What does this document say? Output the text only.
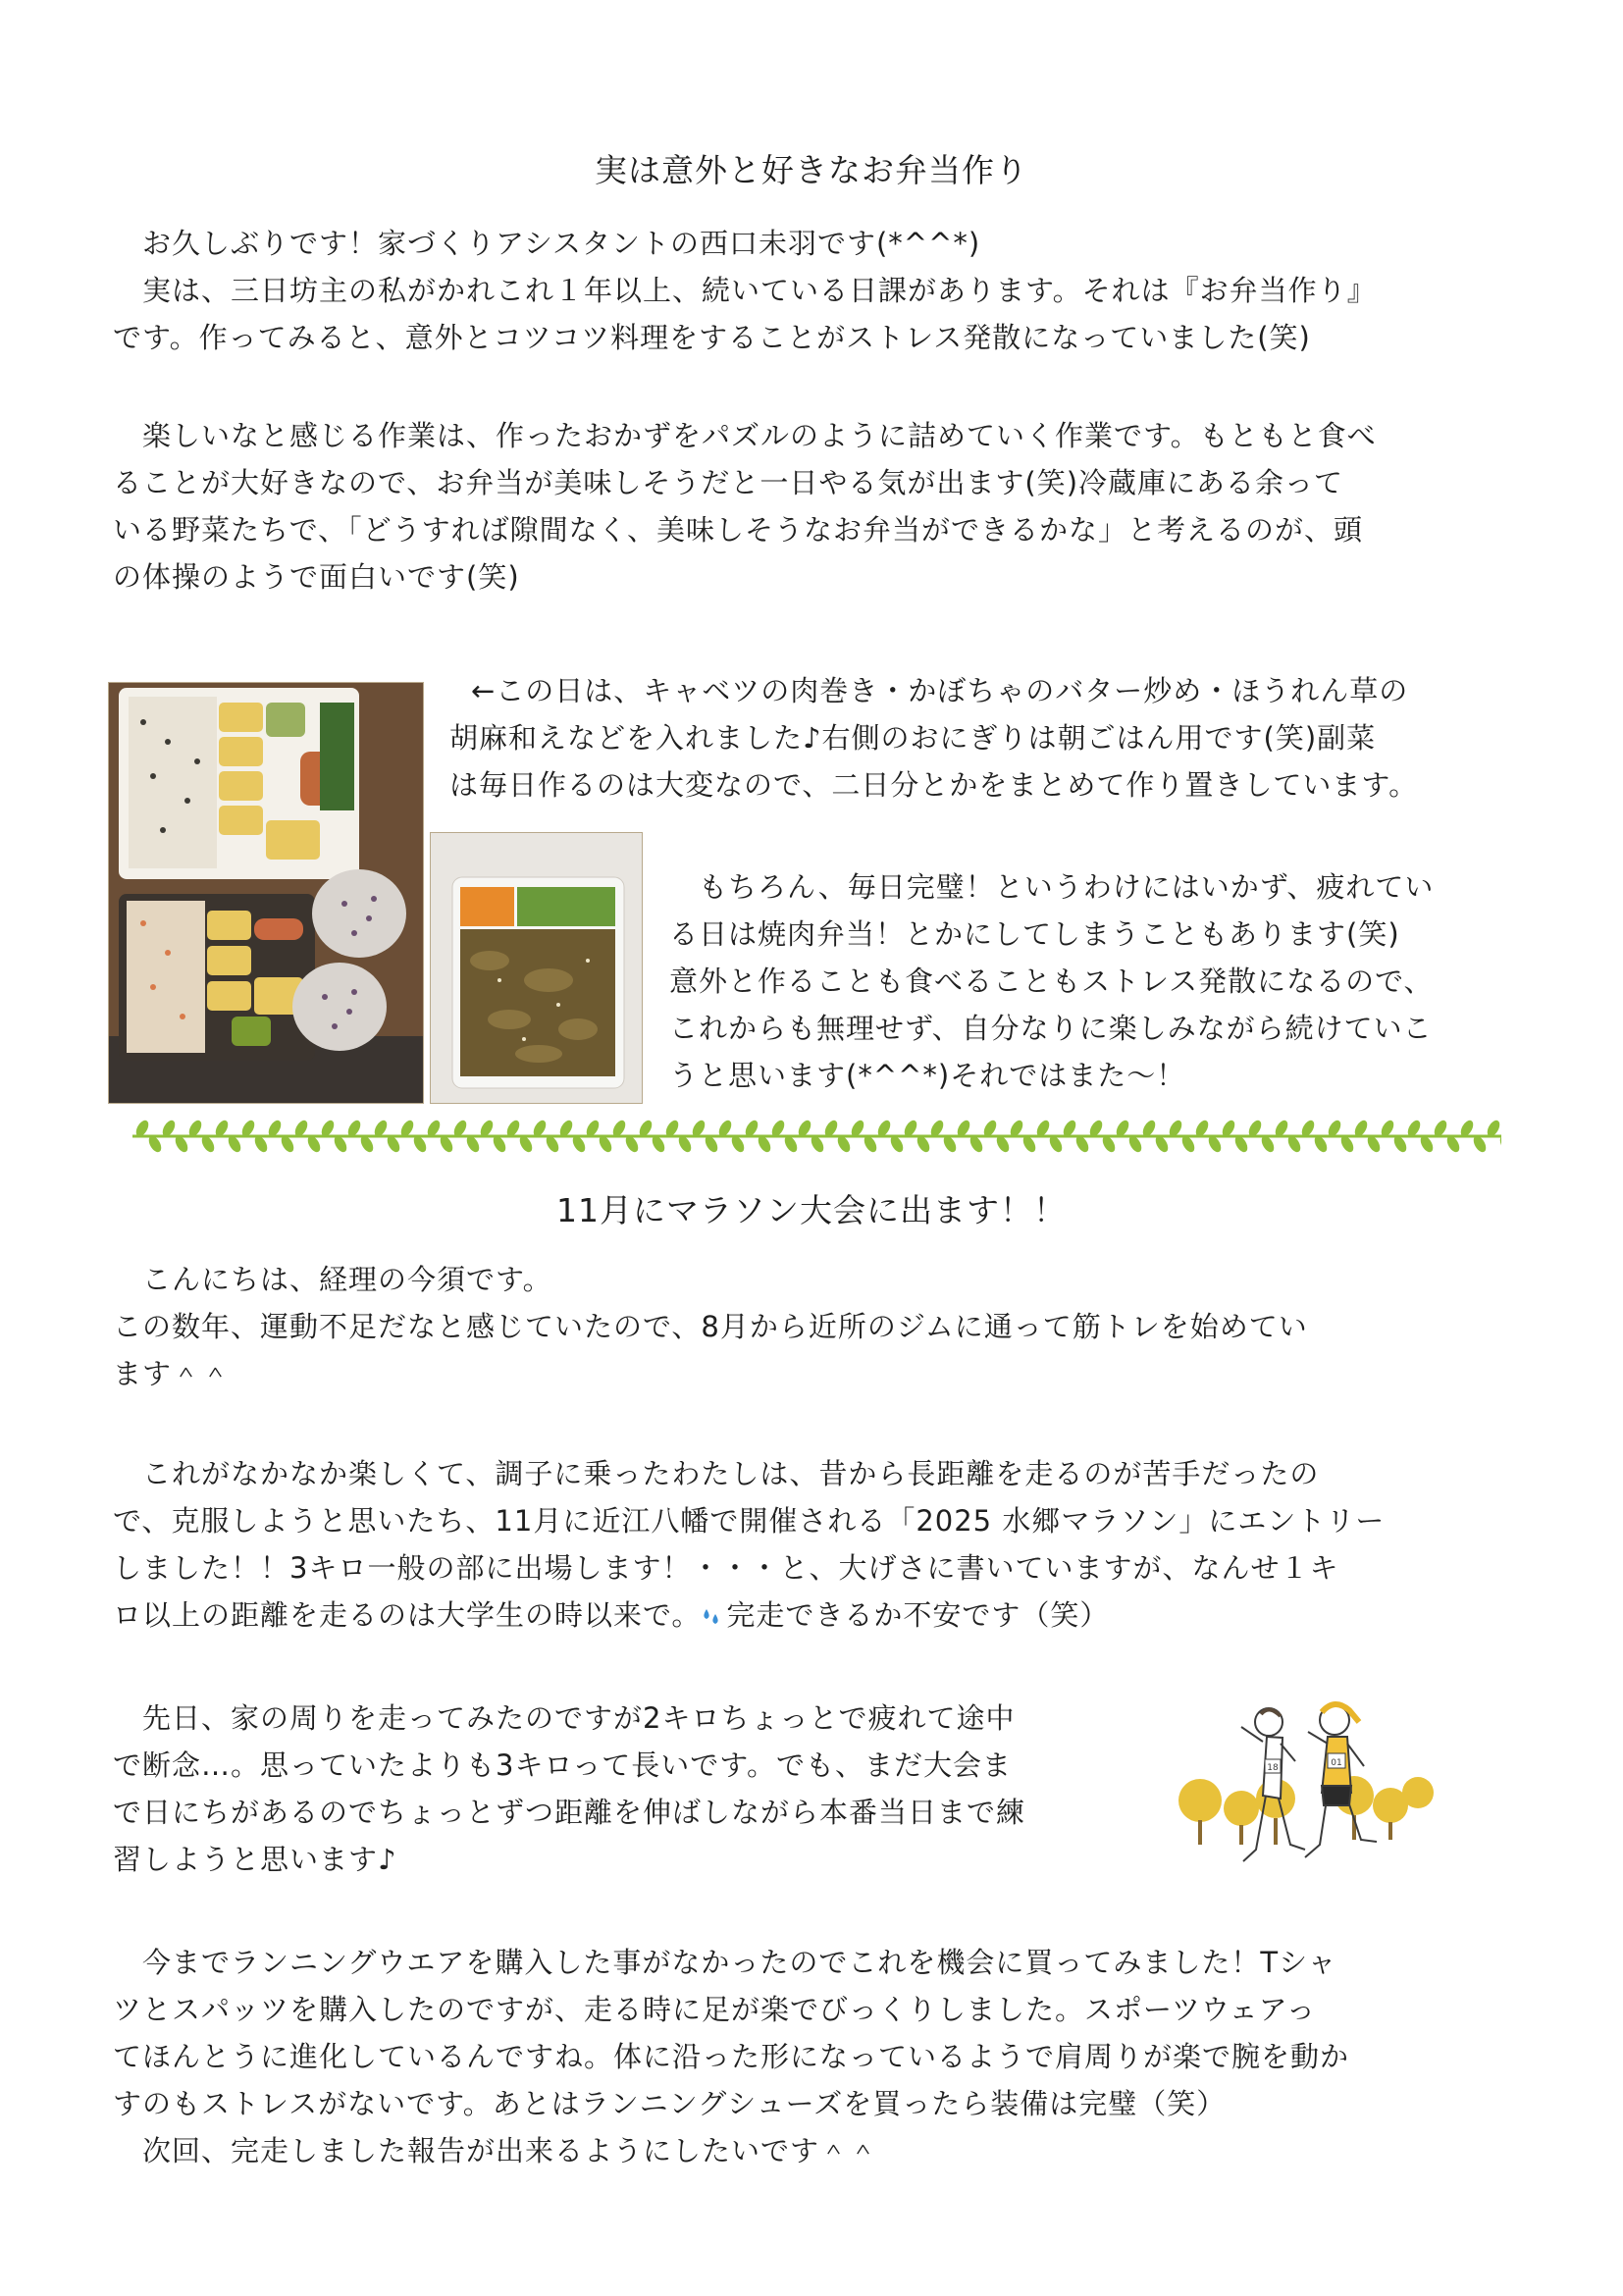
実は意外と好きなお弁当作り

　お久しぶりです！家づくりアシスタントの西口未羽です(*^^*)
　実は、三日坊主の私がかれこれ１年以上、続いている日課があります。それは『お弁当作り』
です。作ってみると、意外とコツコツ料理をすることがストレス発散になっていました(笑)

　楽しいなと感じる作業は、作ったおかずをパズルのように詰めていく作業です。もともと食べ
ることが大好きなので、お弁当が美味しそうだと一日やる気が出ます(笑)冷蔵庫にある余って
いる野菜たちで、「どうすれば隙間なく、美味しそうなお弁当ができるかな」と考えるのが、頭
の体操のようで面白いです(笑)

←この日は、キャベツの肉巻き・かぼちゃのバター炒め・ほうれん草の
胡麻和えなどを入れました♪右側のおにぎりは朝ごはん用です(笑)副菜
は毎日作るのは大変なので、二日分とかをまとめて作り置きしています。

　もちろん、毎日完璧！というわけにはいかず、疲れてい
る日は焼肉弁当！とかにしてしまうこともあります(笑)
意外と作ることも食べることもストレス発散になるので、
これからも無理せず、自分なりに楽しみながら続けていこ
うと思います(*^^*)それではまた～！

11月にマラソン大会に出ます！！

　こんにちは、経理の今須です。
この数年、運動不足だなと感じていたので、8月から近所のジムに通って筋トレを始めてい
ます＾＾

　これがなかなか楽しくて、調子に乗ったわたしは、昔から長距離を走るのが苦手だったの
で、克服しようと思いたち、11月に近江八幡で開催される「2025 水郷マラソン」にエントリー
しました！！3キロ一般の部に出場します！・・・と、大げさに書いていますが、なんせ１キ
ロ以上の距離を走るのは大学生の時以来で。 完走できるか不安です（笑）

　先日、家の周りを走ってみたのですが2キロちょっとで疲れて途中
で断念…。思っていたよりも3キロって長いです。でも、まだ大会ま
で日にちがあるのでちょっとずつ距離を伸ばしながら本番当日まで練
習しようと思います♪

18	01

　今までランニングウエアを購入した事がなかったのでこれを機会に買ってみました！Tシャ
ツとスパッツを購入したのですが、走る時に足が楽でびっくりしました。スポーツウェアっ
てほんとうに進化しているんですね。体に沿った形になっているようで肩周りが楽で腕を動か
すのもストレスがないです。あとはランニングシューズを買ったら装備は完璧（笑）
　次回、完走しました報告が出来るようにしたいです＾＾
